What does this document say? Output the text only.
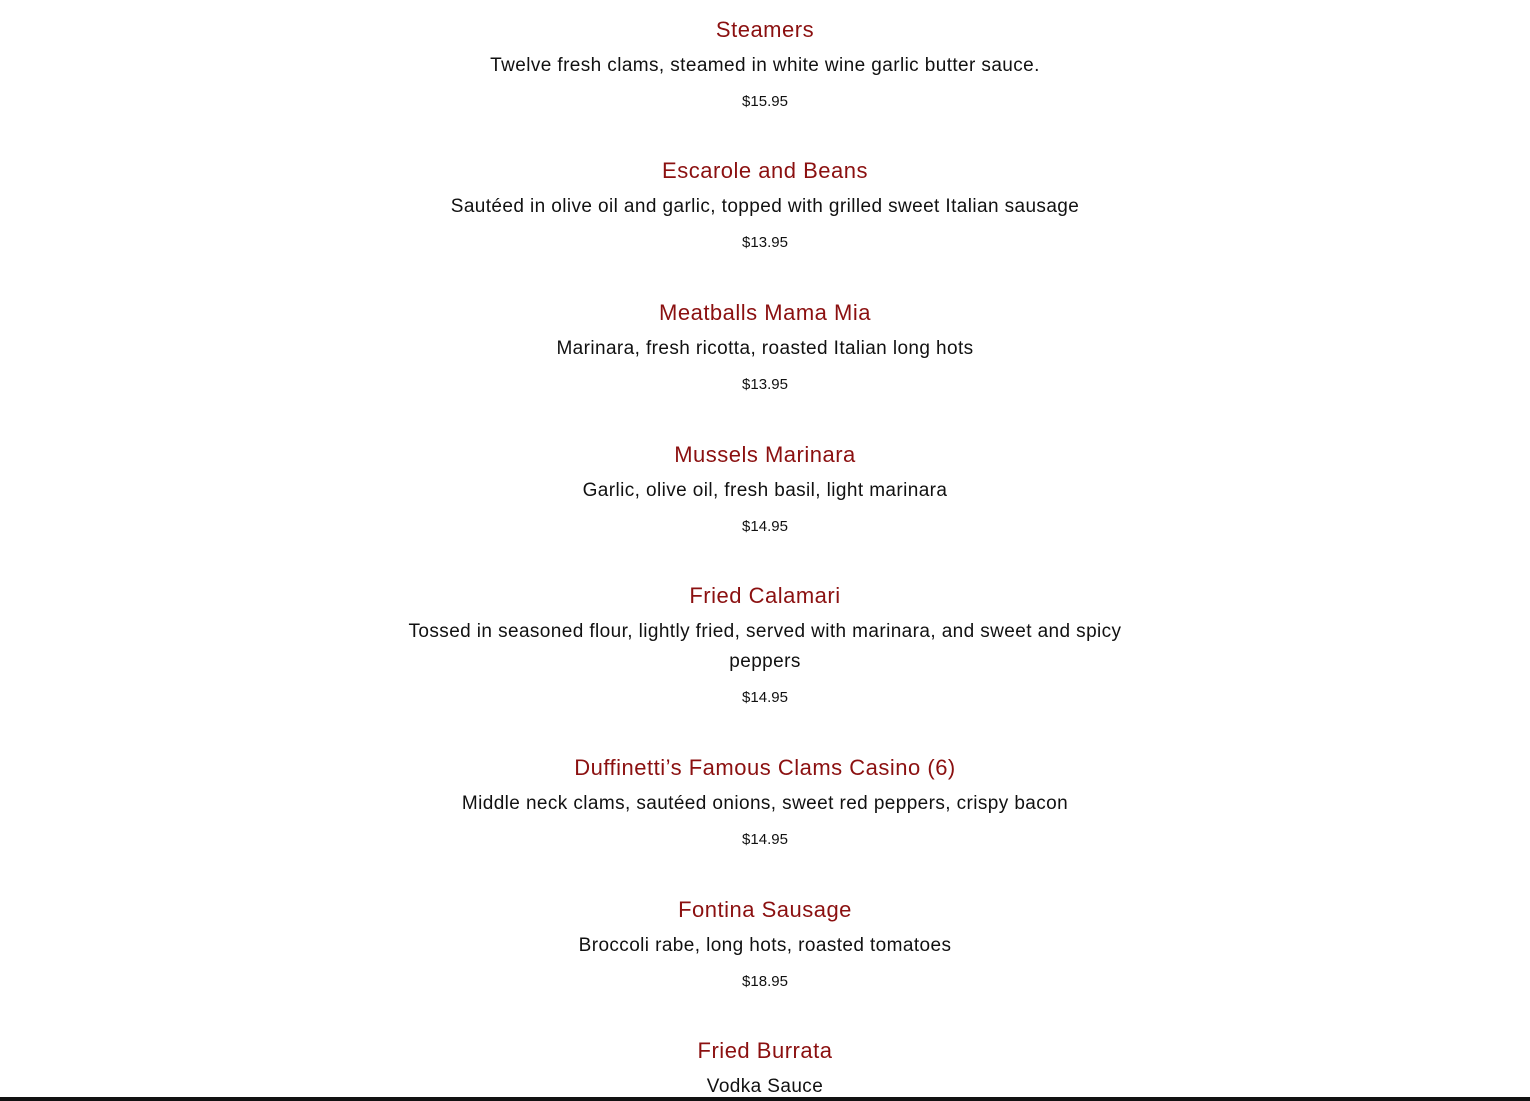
Steamers
Twelve fresh clams, steamed in white wine garlic butter sauce.
$15.95
Escarole and Beans
Sautéed in olive oil and garlic, topped with grilled sweet Italian sausage
$13.95
Meatballs Mama Mia
Marinara, fresh ricotta, roasted Italian long hots
$13.95
Mussels Marinara
Garlic, olive oil, fresh basil, light marinara
$14.95
Fried Calamari
Tossed in seasoned flour, lightly fried, served with marinara, and sweet and spicy peppers
$14.95
Duffinetti’s Famous Clams Casino (6)
Middle neck clams, sautéed onions, sweet red peppers, crispy bacon
$14.95
Fontina Sausage
Broccoli rabe, long hots, roasted tomatoes
$18.95
Fried Burrata
Vodka Sauce
